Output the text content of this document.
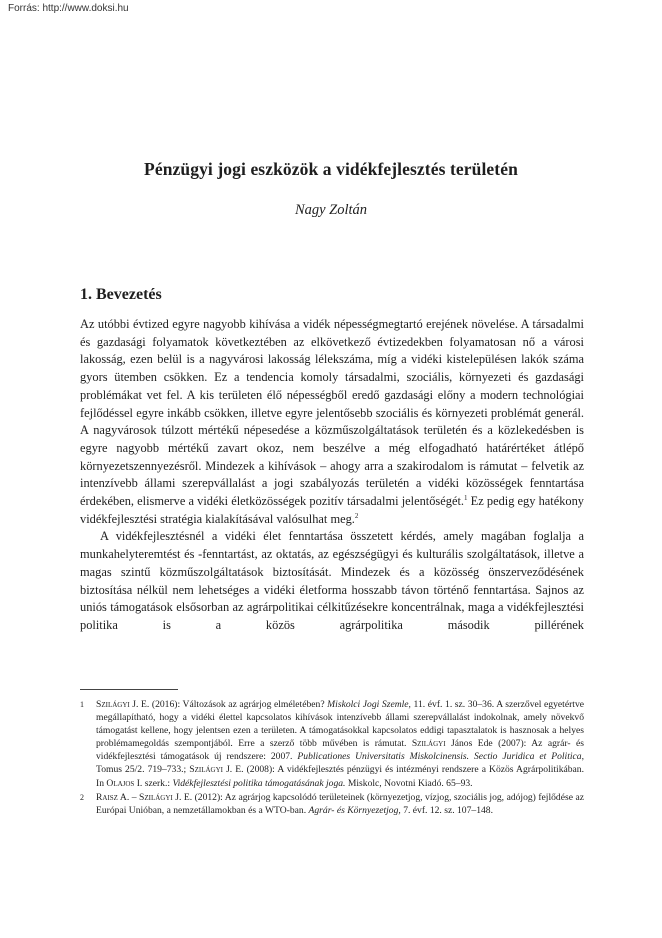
Forrás: http://www.doksi.hu

Pénzügyi jogi eszközök a vidékfejlesztés területén

Nagy Zoltán

1. Bevezetés

Az utóbbi évtized egyre nagyobb kihívása a vidék népességmegtartó erejének növelése. A társadalmi és gazdasági folyamatok következtében az elkövetkező évtizedekben folyamatosan nő a városi lakosság, ezen belül is a nagyvárosi lakosság lélekszáma, míg a vidéki kistelepülésen lakók száma gyors ütemben csökken. Ez a tendencia komoly társadalmi, szociális, környezeti és gazdasági problémákat vet fel. A kis területen élő népességből eredő gazdasági előny a modern technológiai fejlődéssel egyre inkább csökken, illetve egyre jelentősebb szociális és környezeti problémát generál. A nagyvárosok túlzott mértékű népesedése a közműszolgáltatások területén és a közlekedésben is egyre nagyobb mértékű zavart okoz, nem beszélve a még elfogadható határértéket átlépő környezetszennyezésről. Mindezek a kihívások – ahogy arra a szakirodalom is rámutat – felvetik az intenzívebb állami szerepvállalást a jogi szabályozás területén a vidéki közösségek fenntartása érdekében, elismerve a vidéki életközösségek pozitív társadalmi jelentőségét.$^1$ Ez pedig egy hatékony vidékfejlesztési stratégia kialakításával valósulhat meg.$^2$

A vidékfejlesztésnél a vidéki élet fenntartása összetett kérdés, amely magában foglalja a munkahelyteremtést és -fenntartást, az oktatás, az egészségügyi és kulturális szolgáltatások, illetve a magas szintű közműszolgáltatások biztosítását. Mindezek és a közösség önszerveződésének biztosítása nélkül nem lehetséges a vidéki életforma hosszabb távon történő fenntartása. Sajnos az uniós támogatások elsősorban az agrárpolitikai célkitűzésekre koncentrálnak, maga a vidékfejlesztési politika is a közös agrárpolitika második pillérének

1 Szilágyi J. E. (2016): Változások az agrárjog elméletében? Miskolci Jogi Szemle, 11. évf. 1. sz. 30–36. A szerzővel egyetértve megállapítható, hogy a vidéki élettel kapcsolatos kihívások intenzívebb állami szerepvállalást indokolnak, amely növekvő támogatást kellene, hogy jelentsen ezen a területen. A támogatásokkal kapcsolatos eddigi tapasztalatok is hasznosak a helyes problémamegoldás szempontjából. Erre a szerző több művében is rámutat. Szilágyi János Ede (2007): Az agrár- és vidékfejlesztési támogatások új rendszere: 2007. Publicationes Universitatis Miskolcinensis. Sectio Juridica et Politica, Tomus 25/2. 719–733.; Szilágyi J. E. (2008): A vidékfejlesztés pénzügyi és intézményi rendszere a Közös Agrárpolitikában. In Olajos I. szerk.: Vidékfejlesztési politika támogatásának joga. Miskolc, Novotni Kiadó. 65–93.

2 Raisz A. – Szilágyi J. E. (2012): Az agrárjog kapcsolódó területeinek (környezetjog, vízjog, szociális jog, adójog) fejlődése az Európai Unióban, a nemzetállamokban és a WTO-ban. Agrár- és Környezetjog, 7. évf. 12. sz. 107–148.
